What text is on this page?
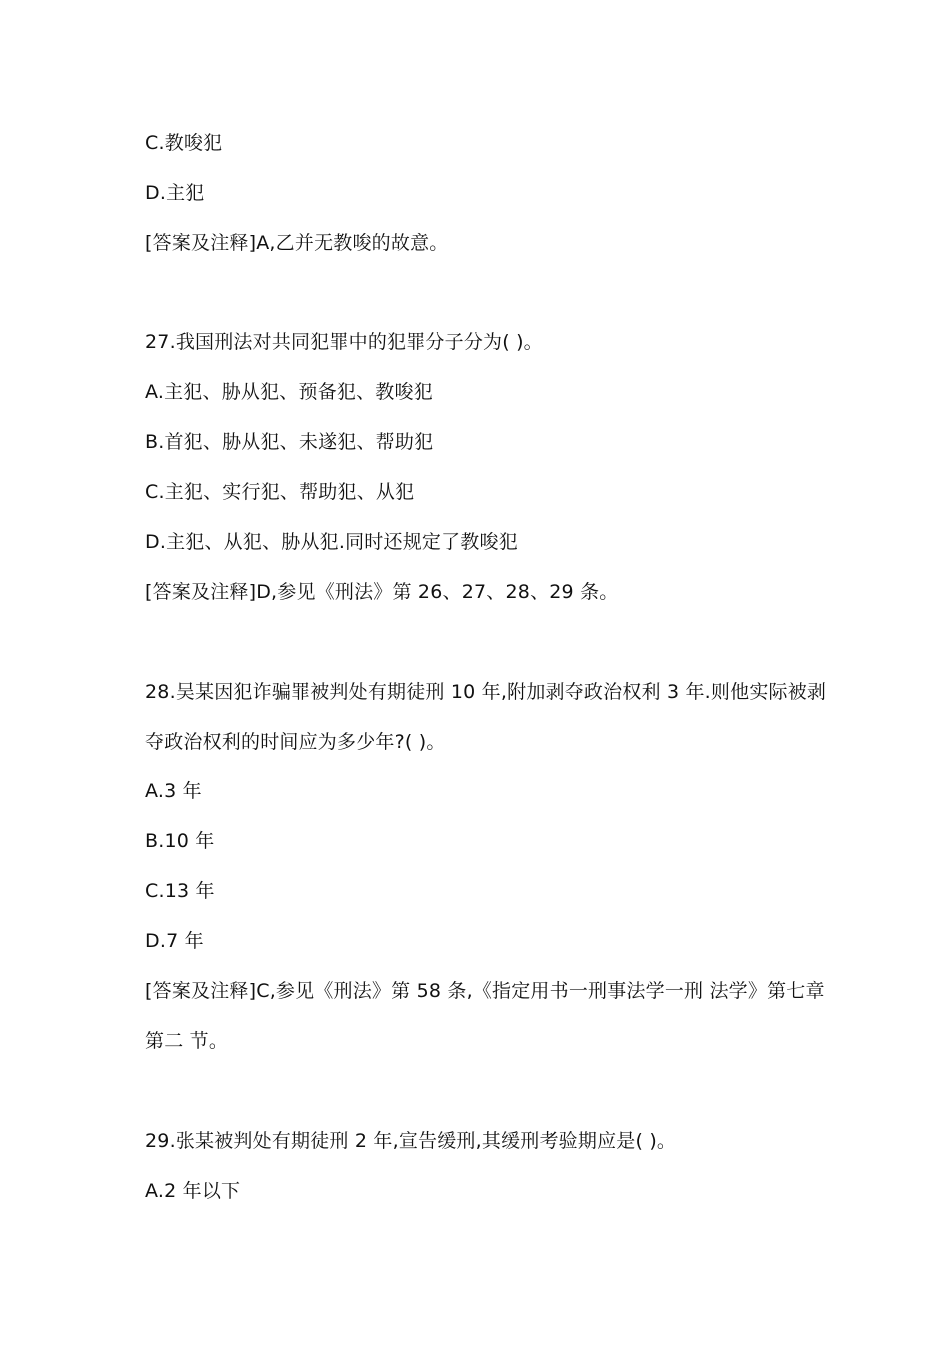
C.教唆犯
D.主犯
[答案及注释]A,乙并无教唆的故意。
27.我国刑法对共同犯罪中的犯罪分子分为( )。
A.主犯、胁从犯、预备犯、教唆犯
B.首犯、胁从犯、未遂犯、帮助犯
C.主犯、实行犯、帮助犯、从犯
D.主犯、从犯、胁从犯.同时还规定了教唆犯
[答案及注释]D,参见《刑法》第 26、27、28、29 条。
28.吴某因犯诈骗罪被判处有期徒刑 10 年,附加剥夺政治权利 3 年.则他实际被剥
夺政治权利的时间应为多少年?( )。
A.3 年
B.10 年
C.13 年
D.7 年
[答案及注释]C,参见《刑法》第 58 条,《指定用书一刑事法学一刑 法学》第七章
第二 节。
29.张某被判处有期徒刑 2 年,宣告缓刑,其缓刑考验期应是( )。
A.2 年以下
